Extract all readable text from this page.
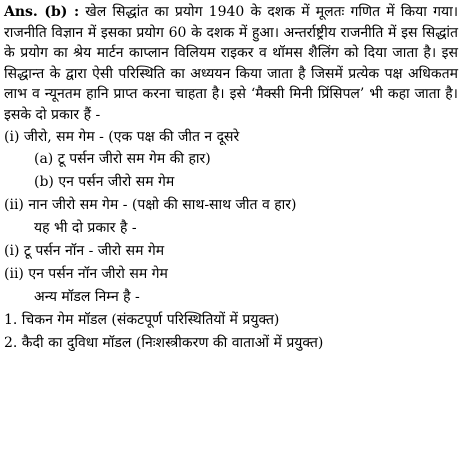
Ans. (b) : खेल सिद्धांत का प्रयोग 1940 के दशक में मूलतः गणित में किया गया। राजनीति विज्ञान में इसका प्रयोग 60 के दशक में हुआ। अन्तर्राष्ट्रीय राजनीति में इस सिद्धांत के प्रयोग का श्रेय मार्टन काप्लान विलियम राइकर व थॉमस शैलिंग को दिया जाता है। इस सिद्धान्त के द्वारा ऐसी परिस्थिति का अध्ययन किया जाता है जिसमें प्रत्येक पक्ष अधिकतम लाभ व न्यूनतम हानि प्राप्त करना चाहता है। इसे ‘मैक्सी मिनी प्रिंसिपल’ भी कहा जाता है। इसके दो प्रकार हैं -

(i) जीरो, सम गेम - (एक पक्ष की जीत न दूसरे
(a) टू पर्सन जीरो सम गेम की हार)
(b) एन पर्सन जीरो सम गेम
(ii) नान जीरो सम गेम - (पक्षो की साथ-साथ जीत व हार)
यह भी दो प्रकार है -
(i) टू पर्सन नॉन - जीरो सम गेम
(ii) एन पर्सन नॉन जीरो सम गेम
अन्य मॉडल निम्न है -
1. चिकन गेम मॉडल (संकटपूर्ण परिस्थितियों में प्रयुक्त)
2. कैदी का दुविधा मॉडल (निःशस्त्रीकरण की वाताओं में प्रयुक्त)
